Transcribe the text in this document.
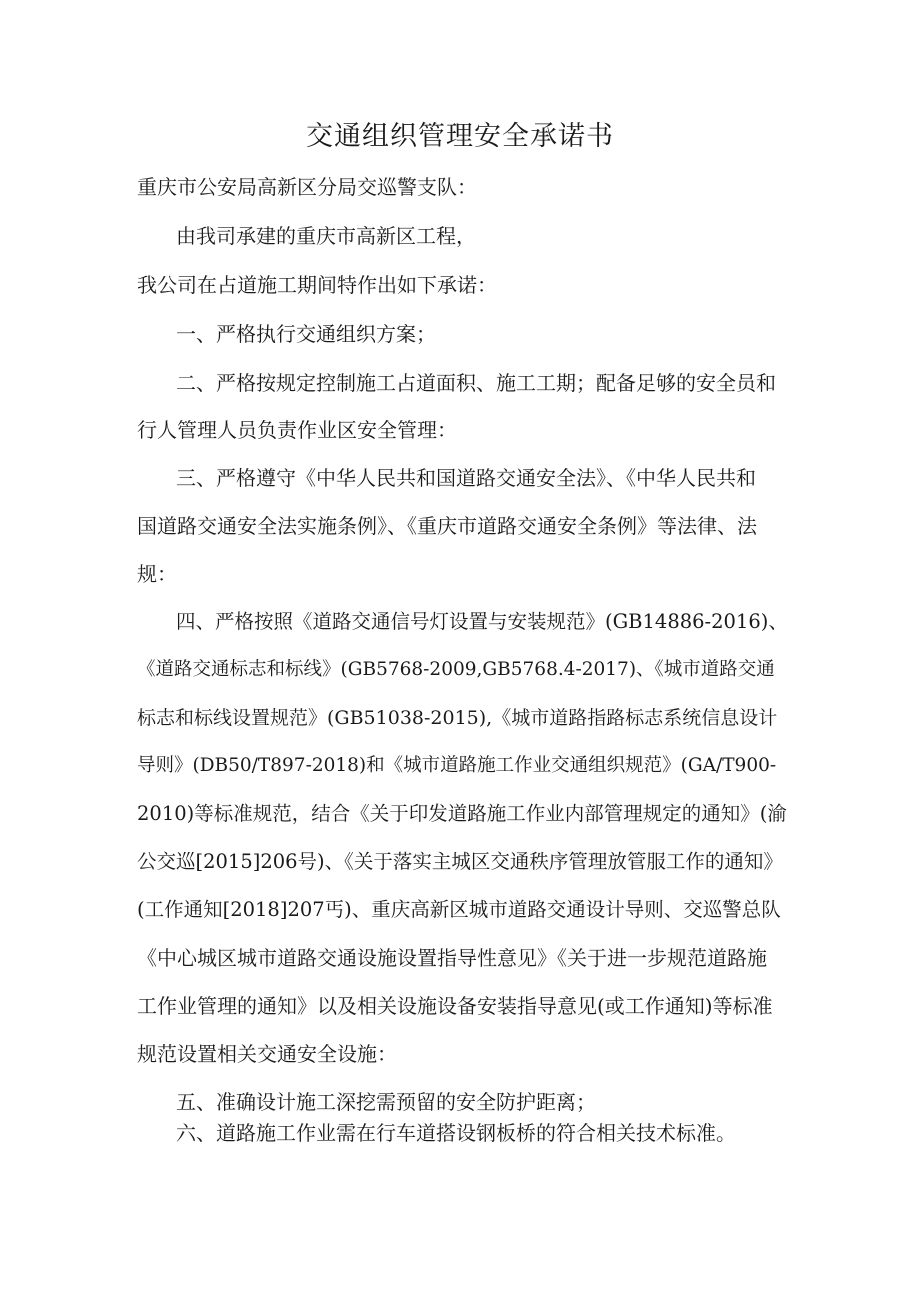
交通组织管理安全承诺书
重庆市公安局高新区分局交巡警支队：
由我司承建的重庆市高新区工程，
我公司在占道施工期间特作出如下承诺：
一、严格执行交通组织方案；
二、严格按规定控制施工占道面积、施工工期；配备足够的安全员和
行人管理人员负责作业区安全管理：
三、严格遵守《中华人民共和国道路交通安全法》、《中华人民共和
国道路交通安全法实施条例》、《重庆市道路交通安全条例》等法律、法
规：
四、严格按照《道路交通信号灯设置与安装规范》(GB14886-2016)、
《道路交通标志和标线》(GB5768-2009,GB5768.4-2017)、《城市道路交通
标志和标线设置规范》(GB51038-2015),《城市道路指路标志系统信息设计
导则》(DB50/T897-2018)和《城市道路施工作业交通组织规范》(GA/T900-
2010)等标准规范，结合《关于印发道路施工作业内部管理规定的通知》(渝
公交巡[2015]206号)、《关于落实主城区交通秩序管理放管服工作的通知》
(工作通知[2018]207丐)、重庆高新区城市道路交通设计导则、交巡警总队
《中心城区城市道路交通设施设置指导性意见》《关于进一步规范道路施
工作业管理的通知》以及相关设施设备安装指导意见(或工作通知)等标准
规范设置相关交通安全设施：
五、准确设计施工深挖需预留的安全防护距离；
六、道路施工作业需在行车道搭设钢板桥的符合相关技术标准。
